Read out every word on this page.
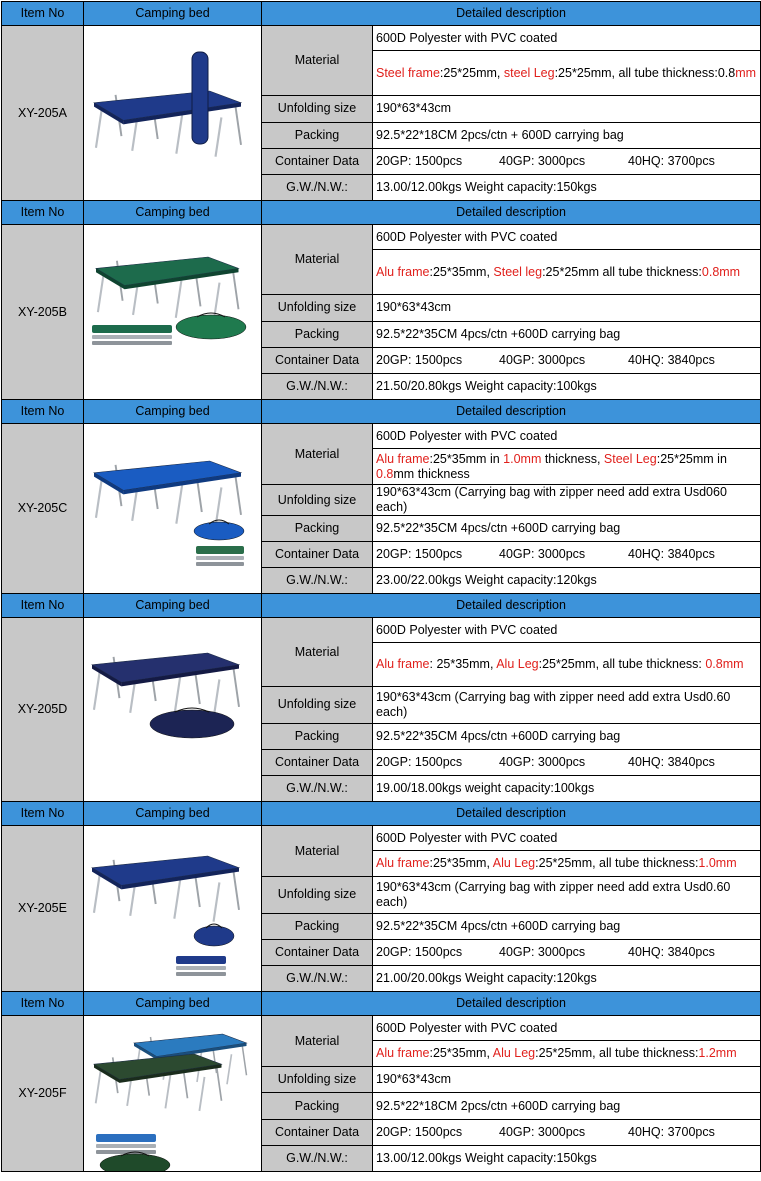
Item No	Camping bed	Detailed description	
XY-205A		Material	600D Polyester with PVC coated
			Steel frame:25*25mm, steel Leg:25*25mm, all tube thickness:0.8mm
		Unfolding size	190*63*43cm
		Packing	92.5*22*18CM 2pcs/ctn + 600D carrying bag
		Container Data	20GP: 1500pcs 40GP: 3000pcs 40HQ: 3700pcs
		G.W./N.W.:	13.00/12.00kgs Weight capacity:150kgs
Item No	Camping bed	Detailed description	
XY-205B		Material	600D Polyester with PVC coated
			Alu frame:25*35mm, Steel leg:25*25mm all tube thickness:0.8mm
		Unfolding size	190*63*43cm
		Packing	92.5*22*35CM 4pcs/ctn +600D carrying bag
		Container Data	20GP: 1500pcs 40GP: 3000pcs 40HQ: 3840pcs
		G.W./N.W.:	21.50/20.80kgs Weight capacity:100kgs
Item No	Camping bed	Detailed description	
XY-205C		Material	600D Polyester with PVC coated
			Alu frame:25*35mm in 1.0mm thickness, Steel Leg:25*25mm in 0.8mm thickness
		Unfolding size	190*63*43cm (Carrying bag with zipper need add extra Usd060 each)
		Packing	92.5*22*35CM 4pcs/ctn +600D carrying bag
		Container Data	20GP: 1500pcs 40GP: 3000pcs 40HQ: 3840pcs
		G.W./N.W.:	23.00/22.00kgs Weight capacity:120kgs
Item No	Camping bed	Detailed description	
XY-205D		Material	600D Polyester with PVC coated
			Alu frame: 25*35mm, Alu Leg:25*25mm, all tube thickness: 0.8mm
		Unfolding size	190*63*43cm (Carrying bag with zipper need add extra Usd0.60 each)
		Packing	92.5*22*35CM 4pcs/ctn +600D carrying bag
		Container Data	20GP: 1500pcs 40GP: 3000pcs 40HQ: 3840pcs
		G.W./N.W.:	19.00/18.00kgs weight capacity:100kgs
Item No	Camping bed	Detailed description	
XY-205E		Material	600D Polyester with PVC coated
			Alu frame:25*35mm, Alu Leg:25*25mm, all tube thickness:1.0mm
		Unfolding size	190*63*43cm (Carrying bag with zipper need add extra Usd0.60 each)
		Packing	92.5*22*35CM 4pcs/ctn +600D carrying bag
		Container Data	20GP: 1500pcs 40GP: 3000pcs 40HQ: 3840pcs
		G.W./N.W.:	21.00/20.00kgs Weight capacity:120kgs
Item No	Camping bed	Detailed description	
XY-205F		Material	600D Polyester with PVC coated
			Alu frame:25*35mm, Alu Leg:25*25mm, all tube thickness:1.2mm
		Unfolding size	190*63*43cm
		Packing	92.5*22*18CM 2pcs/ctn +600D carrying bag
		Container Data	20GP: 1500pcs 40GP: 3000pcs 40HQ: 3700pcs
		G.W./N.W.:	13.00/12.00kgs Weight capacity:150kgs
